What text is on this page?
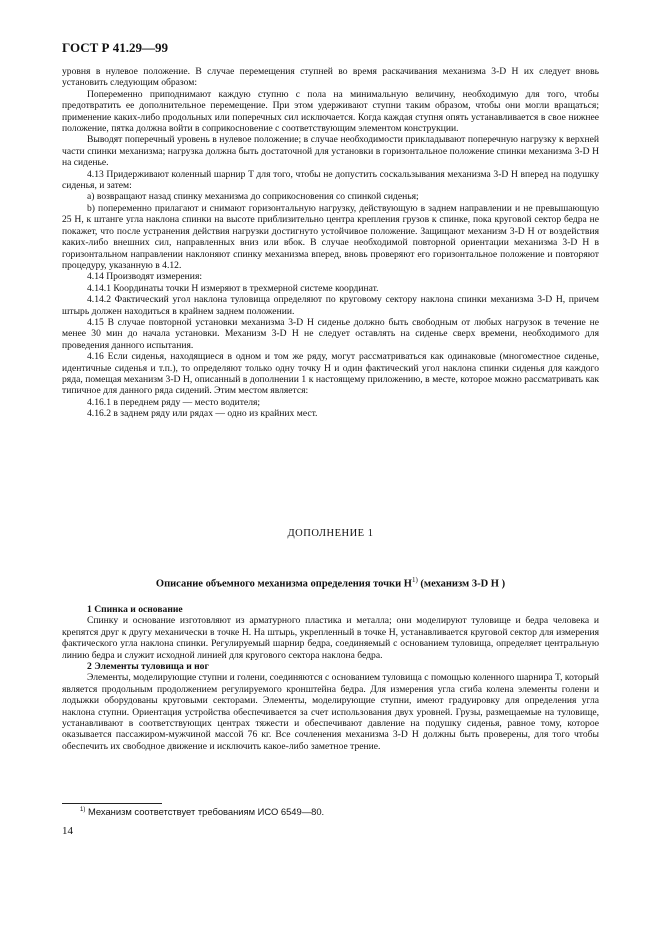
ГОСТ Р 41.29—99

уровня в нулевое положение. В случае перемещения ступней во время раскачивания механизма 3-D H их следует вновь установить следующим образом:

Попеременно приподнимают каждую ступню с пола на минимальную величину, необходимую для того, чтобы предотвратить ее дополнительное перемещение. При этом удерживают ступни таким образом, чтобы они могли вращаться; применение каких-либо продольных или поперечных сил исключается. Когда каждая ступня опять устанавливается в свое нижнее положение, пятка должна войти в соприкосновение с соответствующим элементом конструкции.

Выводят поперечный уровень в нулевое положение; в случае необходимости прикладывают поперечную нагрузку к верхней части спинки механизма; нагрузка должна быть достаточной для установки в горизонтальное положение спинки механизма 3-D H на сиденье.

4.13 Придерживают коленный шарнир T для того, чтобы не допустить соскальзывания механизма 3-D H вперед на подушку сиденья, и затем:

а) возвращают назад спинку механизма до соприкосновения со спинкой сиденья;

b) попеременно прилагают и снимают горизонтальную нагрузку, действующую в заднем направлении и не превышающую 25 Н, к штанге угла наклона спинки на высоте приблизительно центра крепления грузов к спинке, пока круговой сектор бедра не покажет, что после устранения действия нагрузки достигнуто устойчивое положение. Защищают механизм 3-D H от воздействия каких-либо внешних сил, направленных вниз или вбок. В случае необходимой повторной ориентации механизма 3-D H в горизонтальном направлении наклоняют спинку механизма вперед, вновь проверяют его горизонтальное положение и повторяют процедуру, указанную в 4.12.

4.14 Производят измерения:

4.14.1 Координаты точки H измеряют в трехмерной системе координат.

4.14.2 Фактический угол наклона туловища определяют по круговому сектору наклона спинки механизма 3-D H, причем штырь должен находиться в крайнем заднем положении.

4.15 В случае повторной установки механизма 3-D H сиденье должно быть свободным от любых нагрузок в течение не менее 30 мин до начала установки. Механизм 3-D H не следует оставлять на сиденье сверх времени, необходимого для проведения данного испытания.

4.16 Если сиденья, находящиеся в одном и том же ряду, могут рассматриваться как одинаковые (многоместное сиденье, идентичные сиденья и т.п.), то определяют только одну точку H и один фактический угол наклона спинки сиденья для каждого ряда, помещая механизм 3-D H, описанный в дополнении 1 к настоящему приложению, в месте, которое можно рассматривать как типичное для данного ряда сидений. Этим местом является:

4.16.1 в переднем ряду — место водителя;

4.16.2 в заднем ряду или рядах — одно из крайних мест.

ДОПОЛНЕНИЕ 1
Описание объемного механизма определения точки $H^{1)}$ (механизм 3-D H )

1 Спинка и основание

Спинку и основание изготовляют из арматурного пластика и металла; они моделируют туловище и бедра человека и крепятся друг к другу механически в точке H. На штырь, укрепленный в точке H, устанавливается круговой сектор для измерения фактического угла наклона спинки. Регулируемый шарнир бедра, соединяемый с основанием туловища, определяет центральную линию бедра и служит исходной линией для кругового сектора наклона бедра.

2 Элементы туловища и ног

Элементы, моделирующие ступни и голени, соединяются с основанием туловища с помощью коленного шарнира T, который является продольным продолжением регулируемого кронштейна бедра. Для измерения угла сгиба колена элементы голени и лодыжки оборудованы круговыми секторами. Элементы, моделирующие ступни, имеют градуировку для определения угла наклона ступни. Ориентация устройства обеспечивается за счет использования двух уровней. Грузы, размещаемые на туловище, устанавливают в соответствующих центрах тяжести и обеспечивают давление на подушку сиденья, равное тому, которое оказывается пассажиром-мужчиной массой 76 кг. Все сочленения механизма 3-D H должны быть проверены, для того чтобы обеспечить их свободное движение и исключить какое-либо заметное трение.

$^{1)}$ Механизм соответствует требованиям ИСО 6549—80.
14
